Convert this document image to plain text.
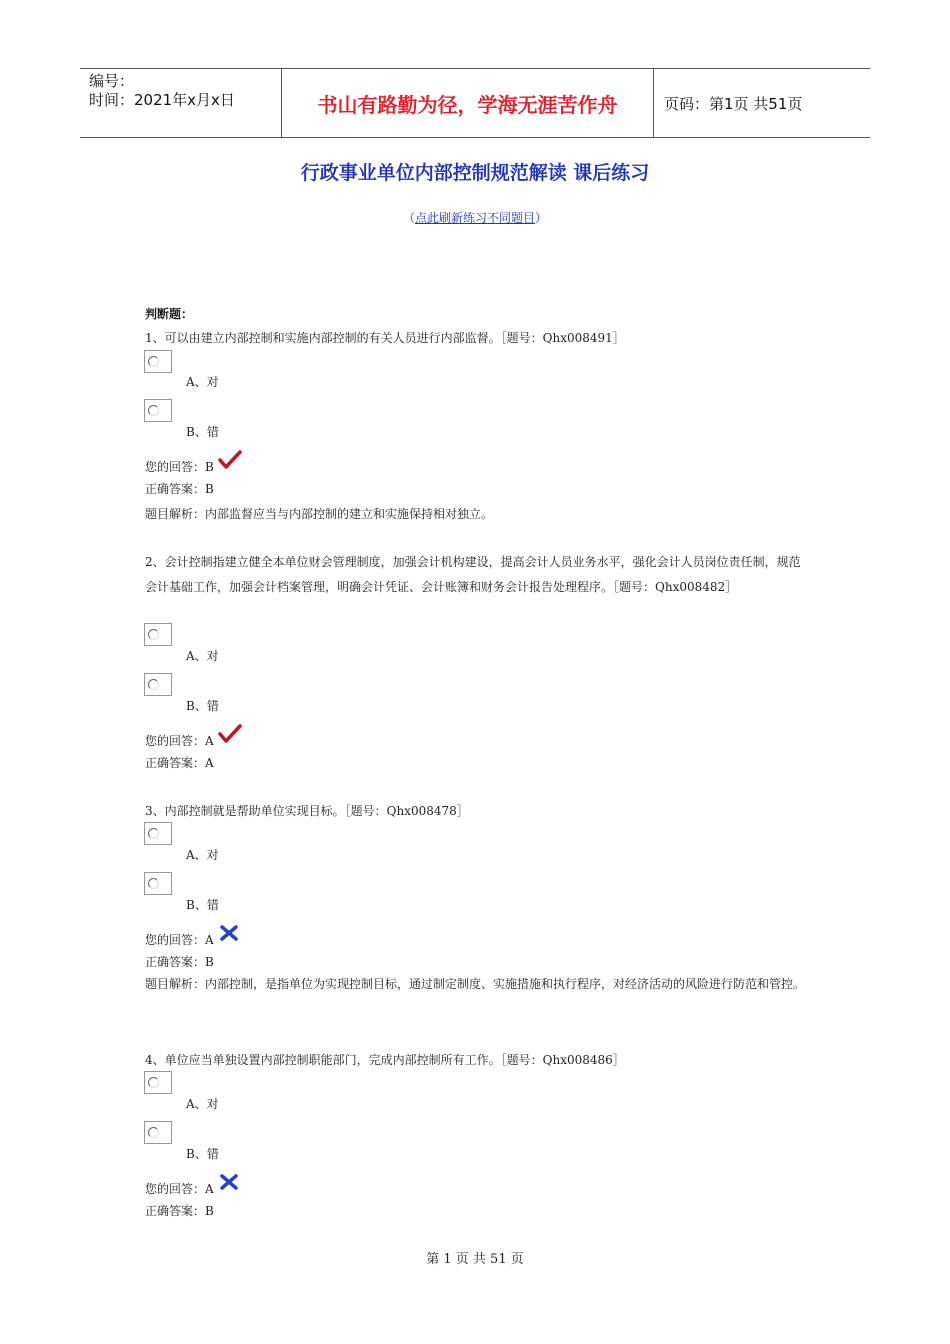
编号：
时间：2021年x月x日	书山有路勤为径，学海无涯苦作舟	页码：第1页 共51页
行政事业单位内部控制规范解读 课后练习
（点此刷新练习不同题目）
判断题：
1、可以由建立内部控制和实施内部控制的有关人员进行内部监督。［题号：Qhx008491］
A、对
B、错
您的回答：B
正确答案：B
题目解析：内部监督应当与内部控制的建立和实施保持相对独立。
2、会计控制指建立健全本单位财会管理制度，加强会计机构建设，提高会计人员业务水平，强化会计人员岗位责任制，规范会计基础工作，加强会计档案管理，明确会计凭证、会计账簿和财务会计报告处理程序。［题号：Qhx008482］
A、对
B、错
您的回答：A
正确答案：A
3、内部控制就是帮助单位实现目标。［题号：Qhx008478］
A、对
B、错
您的回答：A
正确答案：B
题目解析：内部控制，是指单位为实现控制目标，通过制定制度、实施措施和执行程序，对经济活动的风险进行防范和管控。
4、单位应当单独设置内部控制职能部门，完成内部控制所有工作。［题号：Qhx008486］
A、对
B、错
您的回答：A
正确答案：B
第 1 页 共 51 页
